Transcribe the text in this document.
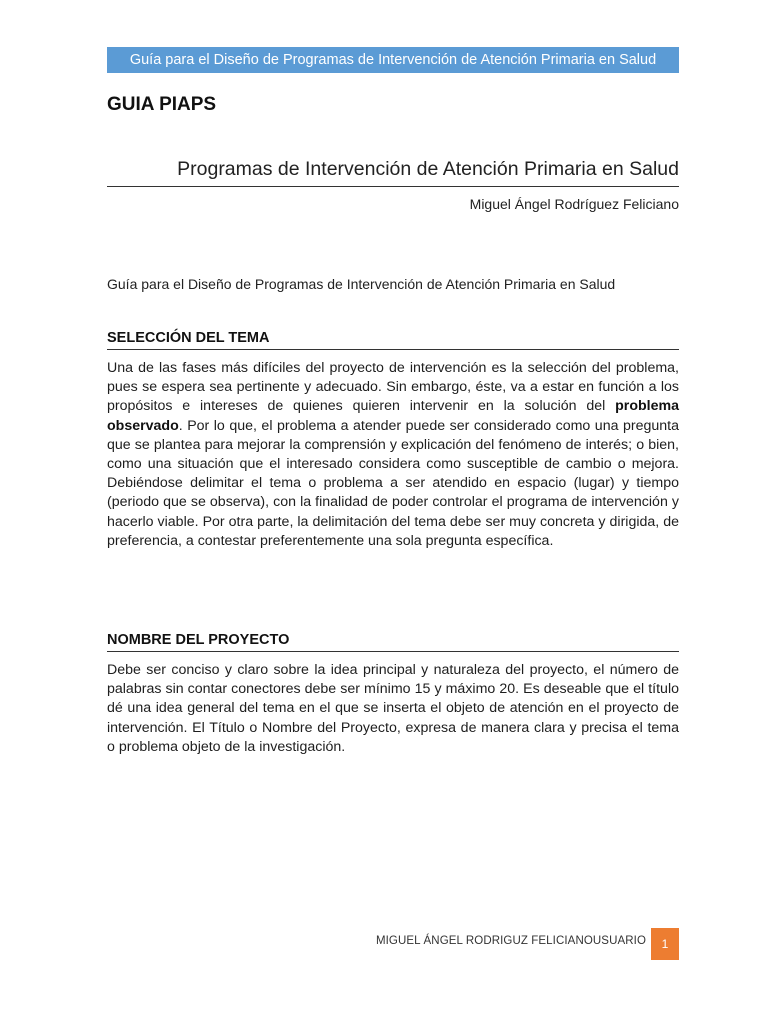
Guía para el Diseño de Programas de Intervención de Atención Primaria en Salud
GUIA PIAPS
Programas de Intervención de Atención Primaria en Salud
Miguel Ángel Rodríguez Feliciano
Guía para el Diseño de Programas de Intervención de Atención Primaria en Salud
SELECCIÓN DEL TEMA
Una de las fases más difíciles del proyecto de intervención es la selección del problema, pues se espera sea pertinente y adecuado. Sin embargo, éste, va a estar en función a los propósitos e intereses de quienes quieren intervenir en la solución del problema observado. Por lo que, el problema a atender puede ser considerado como una pregunta que se plantea para mejorar la comprensión y explicación del fenómeno de interés; o bien, como una situación que el interesado considera como susceptible de cambio o mejora. Debiéndose delimitar el tema o problema a ser atendido en espacio (lugar) y tiempo (periodo que se observa), con la finalidad de poder controlar el programa de intervención y hacerlo viable. Por otra parte, la delimitación del tema debe ser muy concreta y dirigida, de preferencia, a contestar preferentemente una sola pregunta específica.
NOMBRE DEL PROYECTO
Debe ser conciso y claro sobre la idea principal y naturaleza del proyecto, el número de palabras sin contar conectores debe ser mínimo 15 y máximo 20. Es deseable que el título dé una idea general del tema en el que se inserta el objeto de atención en el proyecto de intervención. El Título o Nombre del Proyecto, expresa de manera clara y precisa el tema o problema objeto de la investigación.
MIGUEL ÁNGEL RODRIGUZ FELICIANOUSUARIO 1
